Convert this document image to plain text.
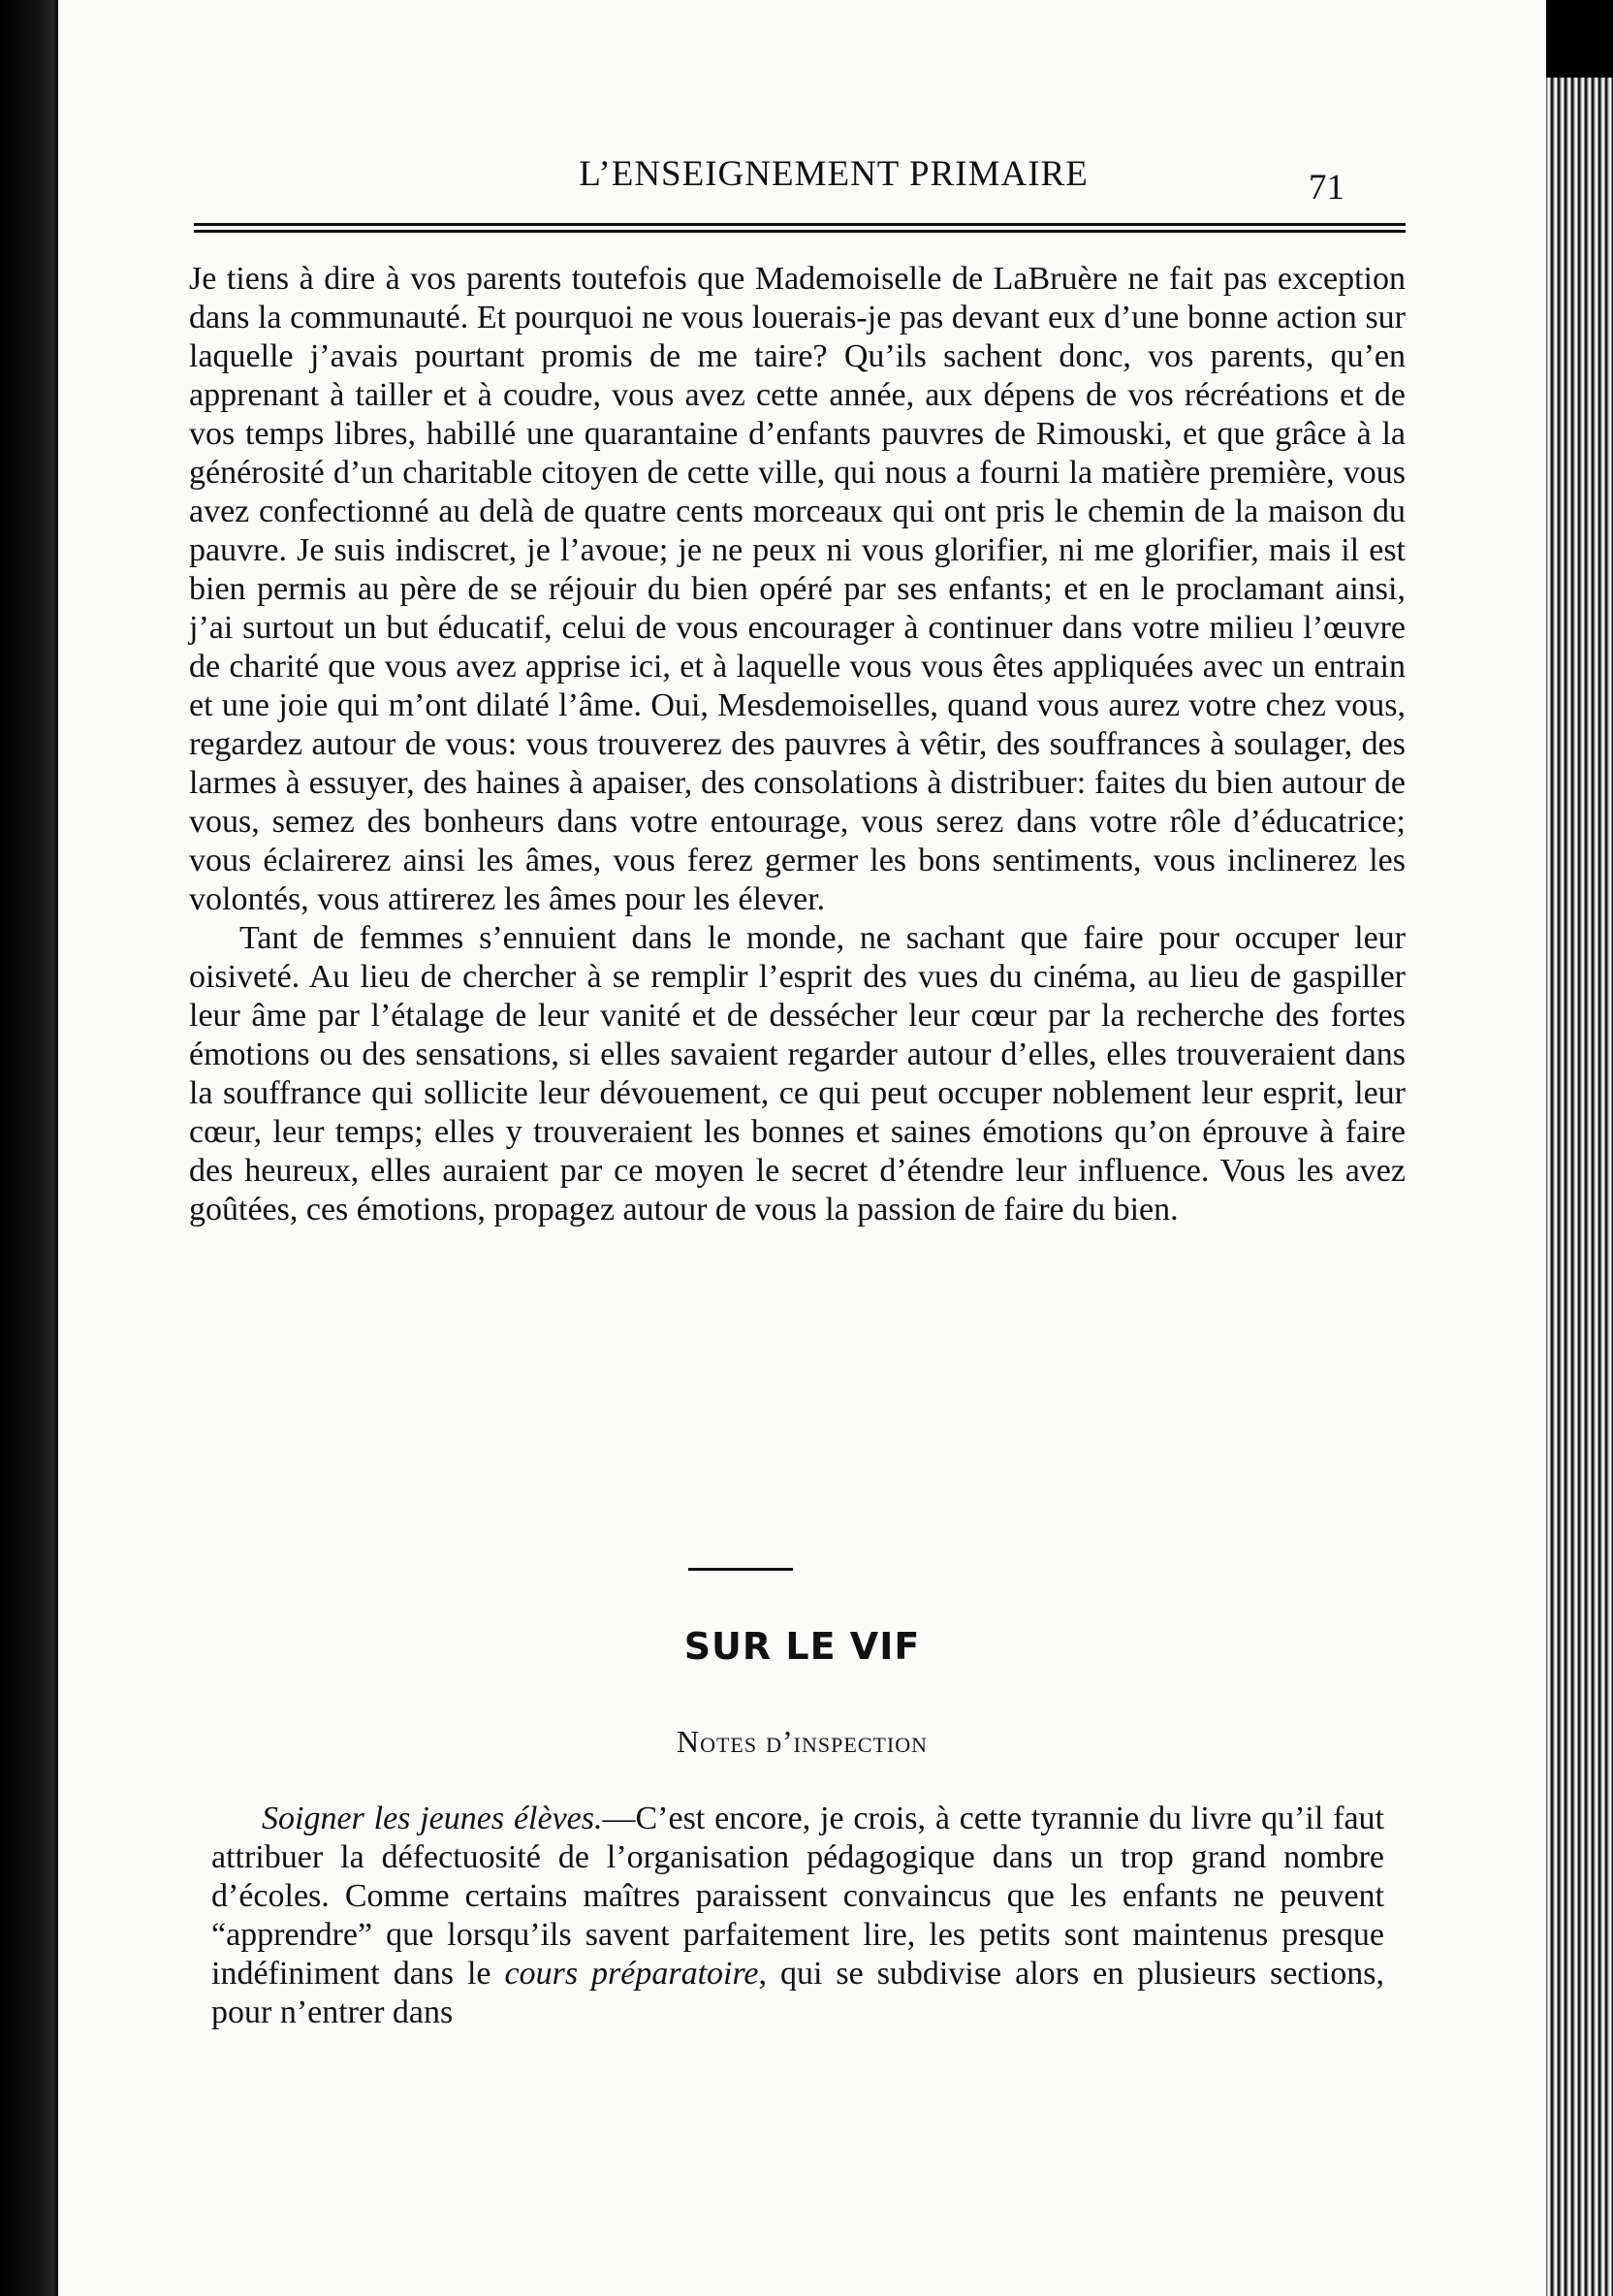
L’ENSEIGNEMENT PRIMAIRE	71

Je tiens à dire à vos parents toutefois que Mademoiselle de LaBruère ne fait pas exception dans la communauté. Et pourquoi ne vous louerais-je pas devant eux d’une bonne action sur laquelle j’avais pourtant promis de me taire? Qu’ils sachent donc, vos parents, qu’en apprenant à tailler et à coudre, vous avez cette année, aux dépens de vos récréations et de vos temps libres, habillé une quarantaine d’enfants pauvres de Rimouski, et que grâce à la générosité d’un charitable citoyen de cette ville, qui nous a fourni la matière première, vous avez confectionné au delà de quatre cents morceaux qui ont pris le chemin de la maison du pauvre. Je suis indiscret, je l’avoue; je ne peux ni vous glorifier, ni me glorifier, mais il est bien permis au père de se réjouir du bien opéré par ses enfants; et en le proclamant ainsi, j’ai surtout un but éducatif, celui de vous encourager à continuer dans votre milieu l’œuvre de charité que vous avez apprise ici, et à laquelle vous vous êtes appliquées avec un entrain et une joie qui m’ont dilaté l’âme. Oui, Mesdemoiselles, quand vous aurez votre chez vous, regardez autour de vous: vous trouverez des pauvres à vêtir, des souffrances à soulager, des larmes à essuyer, des haines à apaiser, des consolations à distribuer: faites du bien autour de vous, semez des bonheurs dans votre entourage, vous serez dans votre rôle d’éducatrice; vous éclairerez ainsi les âmes, vous ferez germer les bons sentiments, vous inclinerez les volontés, vous attirerez les âmes pour les élever.

Tant de femmes s’ennuient dans le monde, ne sachant que faire pour occuper leur oisiveté. Au lieu de chercher à se remplir l’esprit des vues du cinéma, au lieu de gaspiller leur âme par l’étalage de leur vanité et de dessécher leur cœur par la recherche des fortes émotions ou des sensations, si elles savaient regarder autour d’elles, elles trouveraient dans la souffrance qui sollicite leur dévouement, ce qui peut occuper noblement leur esprit, leur cœur, leur temps; elles y trouveraient les bonnes et saines émotions qu’on éprouve à faire des heureux, elles auraient par ce moyen le secret d’étendre leur influence. Vous les avez goûtées, ces émotions, propagez autour de vous la passion de faire du bien.

SUR LE VIF
Notes d’inspection

Soigner les jeunes élèves.—C’est encore, je crois, à cette tyrannie du livre qu’il faut attribuer la défectuosité de l’organisation pédagogique dans un trop grand nombre d’écoles. Comme certains maîtres paraissent convaincus que les enfants ne peuvent “apprendre” que lorsqu’ils savent parfaitement lire, les petits sont maintenus presque indéfiniment dans le cours préparatoire, qui se subdivise alors en plusieurs sections, pour n’entrer dans
